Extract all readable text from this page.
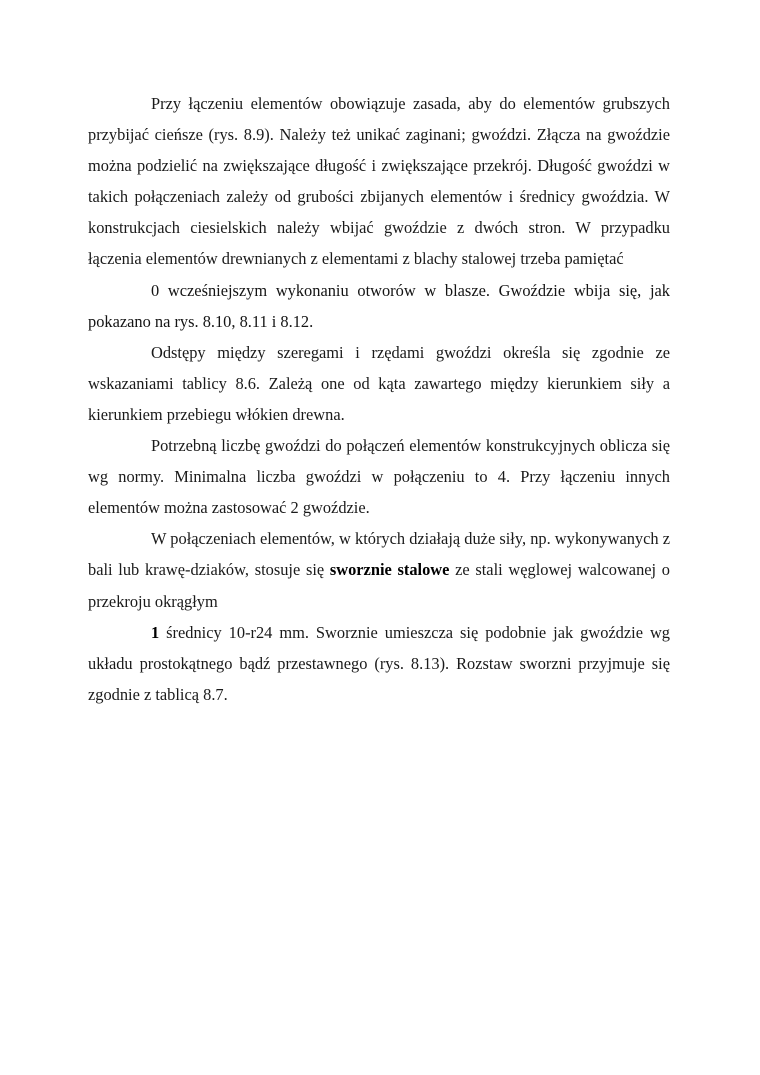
Przy łączeniu elementów obowiązuje zasada, aby do elementów grubszych przybijać cieńsze (rys. 8.9). Należy też unikać zaginani; gwoździ. Złącza na gwoździe można podzielić na zwiększające długość i zwiększające przekrój. Długość gwoździ w takich połączeniach zależy od grubości zbijanych elementów i średnicy gwoździa. W konstrukcjach ciesielskich należy wbijać gwoździe z dwóch stron. W przypadku łączenia elementów drewnianych z elementami z blachy stalowej trzeba pamiętać

0 wcześniejszym wykonaniu otworów w blaszе. Gwoździe wbija się, jak pokazano na rys. 8.10, 8.11 i 8.12.

Odstępy między szeregami i rzędami gwoździ określa się zgodnie ze wskazaniami tablicy 8.6. Zależą one od kąta zawartego między kierunkiem siły a kierunkiem przebiegu włókien drewna.

Potrzebną liczbę gwoździ do połączeń elementów konstrukcyjnych oblicza się wg normy. Minimalna liczba gwoździ w połączeniu to 4. Przy łączeniu innych elementów można zastosować 2 gwoździe.

W połączeniach elementów, w których działają duże siły, np. wykonywanych z bali lub krawę-dziaków, stosuje się sworznie stalowe ze stali węglowej walcowanej o przekroju okrągłym

1 średnicy 10-r24 mm. Sworznie umieszcza się podobnie jak gwoździe wg układu prostokątnego bądź przestawnego (rys. 8.13). Rozstaw sworzni przyjmuje się zgodnie z tablicą 8.7.
